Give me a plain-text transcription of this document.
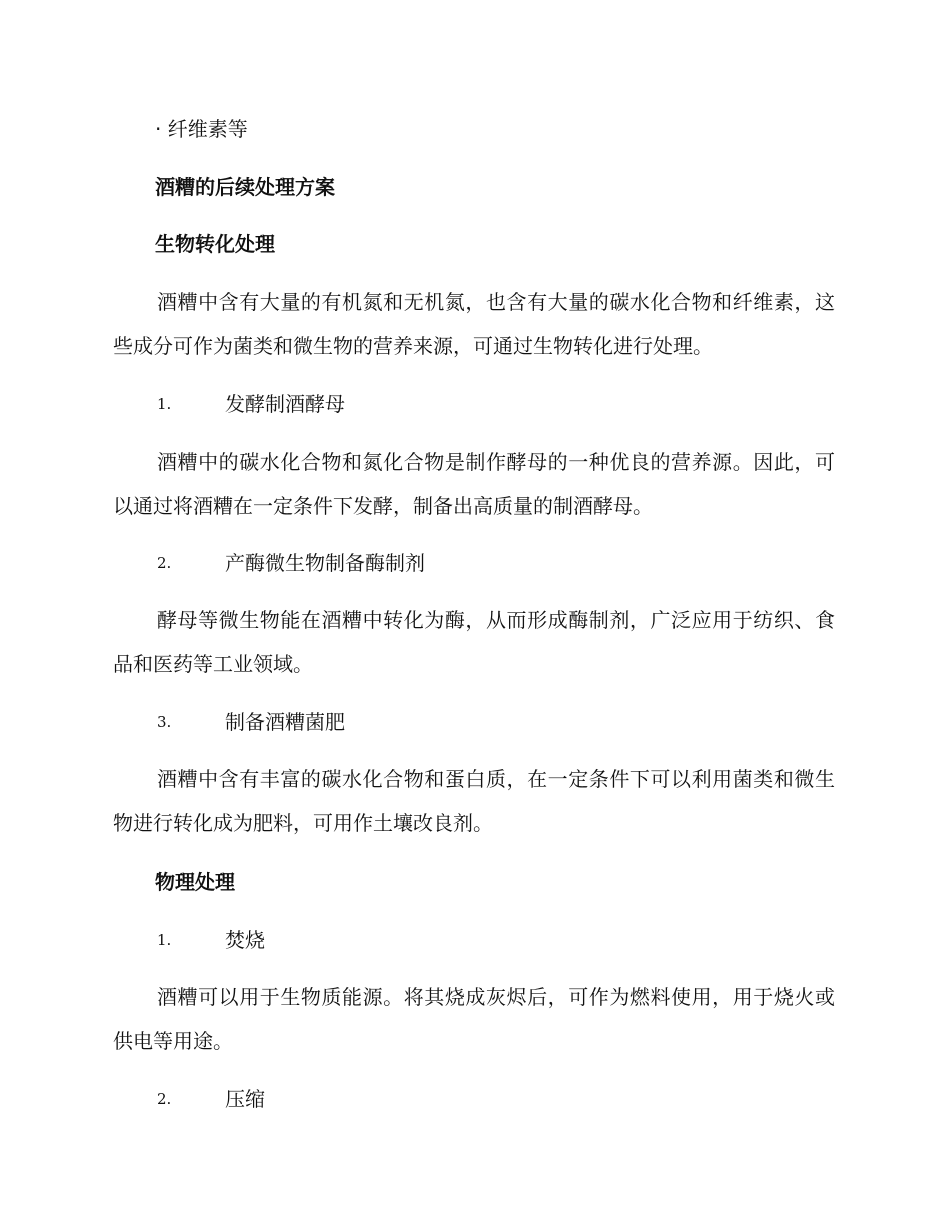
· 纤维素等
酒糟的后续处理方案
生物转化处理

酒糟中含有大量的有机氮和无机氮，也含有大量的碳水化合物和纤维素，这些成分可作为菌类和微生物的营养来源，可通过生物转化进行处理。

1.	发酵制酒酵母

酒糟中的碳水化合物和氮化合物是制作酵母的一种优良的营养源。因此，可以通过将酒糟在一定条件下发酵，制备出高质量的制酒酵母。

2.	产酶微生物制备酶制剂

酵母等微生物能在酒糟中转化为酶，从而形成酶制剂，广泛应用于纺织、食品和医药等工业领域。

3.	制备酒糟菌肥

酒糟中含有丰富的碳水化合物和蛋白质，在一定条件下可以利用菌类和微生物进行转化成为肥料，可用作土壤改良剂。

物理处理
1.	焚烧

酒糟可以用于生物质能源。将其烧成灰烬后，可作为燃料使用，用于烧火或供电等用途。

2.	压缩
